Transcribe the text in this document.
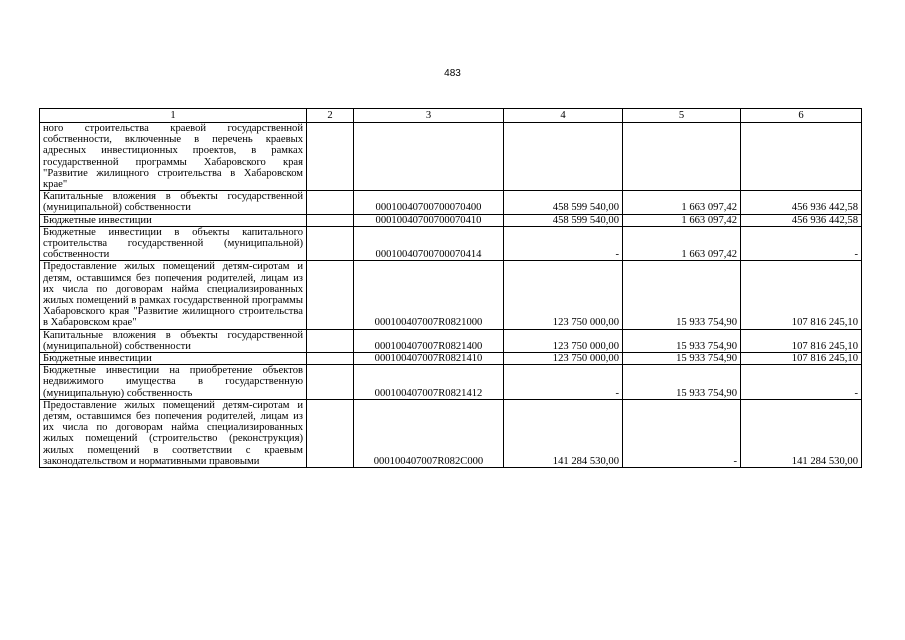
483
1	2	3	4	5	6
ного строительства краевой государственной собственности, включенные в перечень краевых адресных инвестиционных проектов, в рамках государственной программы Хабаровского края "Развитие жилищного строительства в Хабаровском крае"					
Капитальные вложения в объекты государственной (муниципальной) собственности		00010040700700070400	458 599 540,00	1 663 097,42	456 936 442,58
Бюджетные инвестиции		00010040700700070410	458 599 540,00	1 663 097,42	456 936 442,58
Бюджетные инвестиции в объекты капитального строительства государственной (муниципальной) собственности		00010040700700070414	-	1 663 097,42	-
Предоставление жилых помещений детям-сиротам и детям, оставшимся без попечения родителей, лицам из их числа по договорам найма специализированных жилых помещений в рамках государственной программы Хабаровского края "Развитие жилищного строительства в Хабаровском крае"		000100407007R0821000	123 750 000,00	15 933 754,90	107 816 245,10
Капитальные вложения в объекты государственной (муниципальной) собственности		000100407007R0821400	123 750 000,00	15 933 754,90	107 816 245,10
Бюджетные инвестиции		000100407007R0821410	123 750 000,00	15 933 754,90	107 816 245,10
Бюджетные инвестиции на приобретение объектов недвижимого имущества в государственную (муниципальную) собственность		000100407007R0821412	-	15 933 754,90	-
Предоставление жилых помещений детям-сиротам и детям, оставшимся без попечения родителей, лицам из их числа по договорам найма специализированных жилых помещений (строительство (реконструкция) жилых помещений в соответствии с краевым законодательством и нормативными правовыми		000100407007R082C000	141 284 530,00	-	141 284 530,00
